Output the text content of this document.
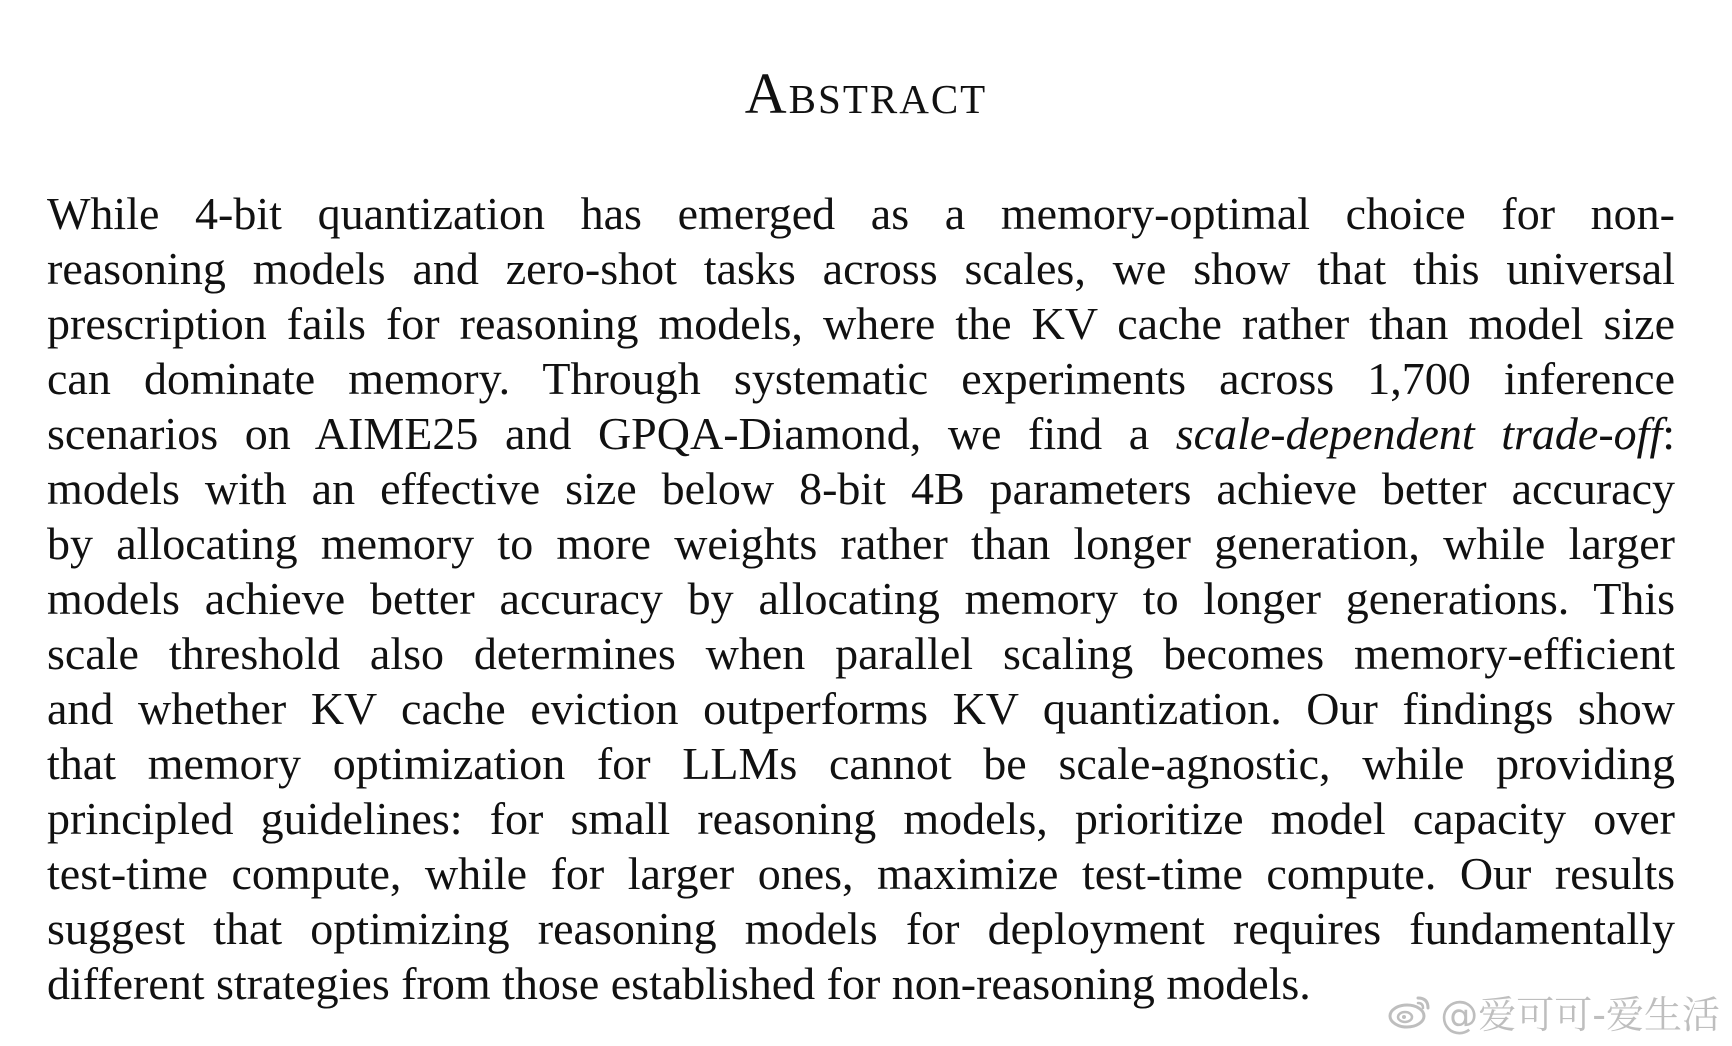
Abstract
While 4-bit quantization has emerged as a memory-optimal choice for non-
reasoning models and zero-shot tasks across scales, we show that this universal
prescription fails for reasoning models, where the KV cache rather than model size
can dominate memory. Through systematic experiments across 1,700 inference
scenarios on AIME25 and GPQA-Diamond, we find a scale-dependent trade-off:
models with an effective size below 8-bit 4B parameters achieve better accuracy
by allocating memory to more weights rather than longer generation, while larger
models achieve better accuracy by allocating memory to longer generations. This
scale threshold also determines when parallel scaling becomes memory-efficient
and whether KV cache eviction outperforms KV quantization. Our findings show
that memory optimization for LLMs cannot be scale-agnostic, while providing
principled guidelines: for small reasoning models, prioritize model capacity over
test-time compute, while for larger ones, maximize test-time compute. Our results
suggest that optimizing reasoning models for deployment requires fundamentally
different strategies from those established for non-reasoning models.
@爱可可-爱生活
